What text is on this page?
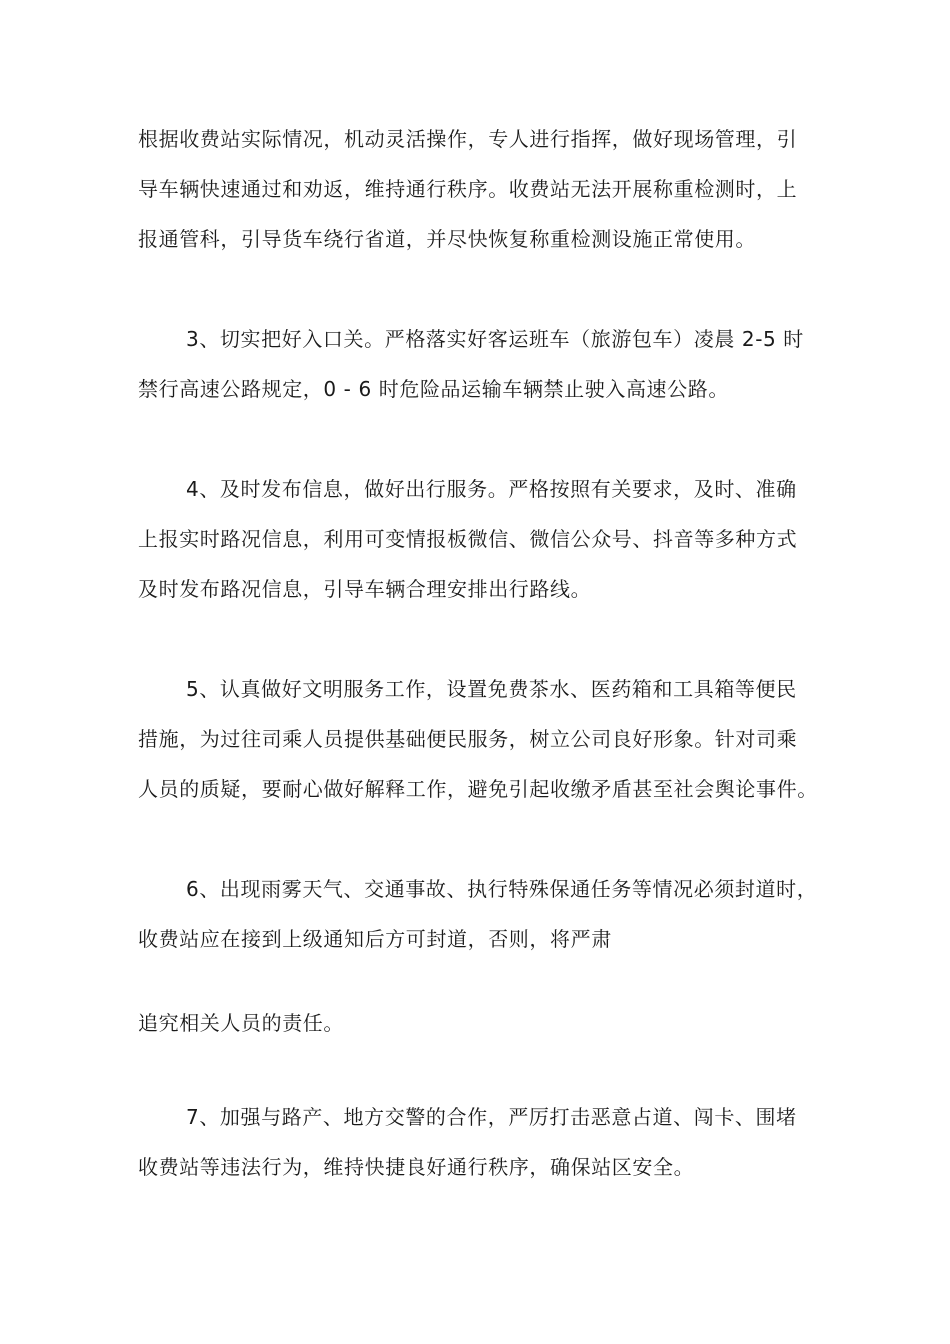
根据收费站实际情况，机动灵活操作，专人进行指挥，做好现场管理，引
导车辆快速通过和劝返，维持通行秩序。收费站无法开展称重检测时，上
报通管科，引导货车绕行省道，并尽快恢复称重检测设施正常使用。
3、切实把好入口关。严格落实好客运班车（旅游包车）凌晨 2-5 时
禁行高速公路规定，0 - 6 时危险品运输车辆禁止驶入高速公路。
4、及时发布信息，做好出行服务。严格按照有关要求，及时、准确
上报实时路况信息，利用可变情报板微信、微信公众号、抖音等多种方式
及时发布路况信息，引导车辆合理安排出行路线。
5、认真做好文明服务工作，设置免费茶水、医药箱和工具箱等便民
措施，为过往司乘人员提供基础便民服务，树立公司良好形象。针对司乘
人员的质疑，要耐心做好解释工作，避免引起收缴矛盾甚至社会舆论事件。
6、出现雨雾天气、交通事故、执行特殊保通任务等情况必须封道时，
收费站应在接到上级通知后方可封道，否则，将严肃
追究相关人员的责任。
7、加强与路产、地方交警的合作，严厉打击恶意占道、闯卡、围堵
收费站等违法行为，维持快捷良好通行秩序，确保站区安全。
